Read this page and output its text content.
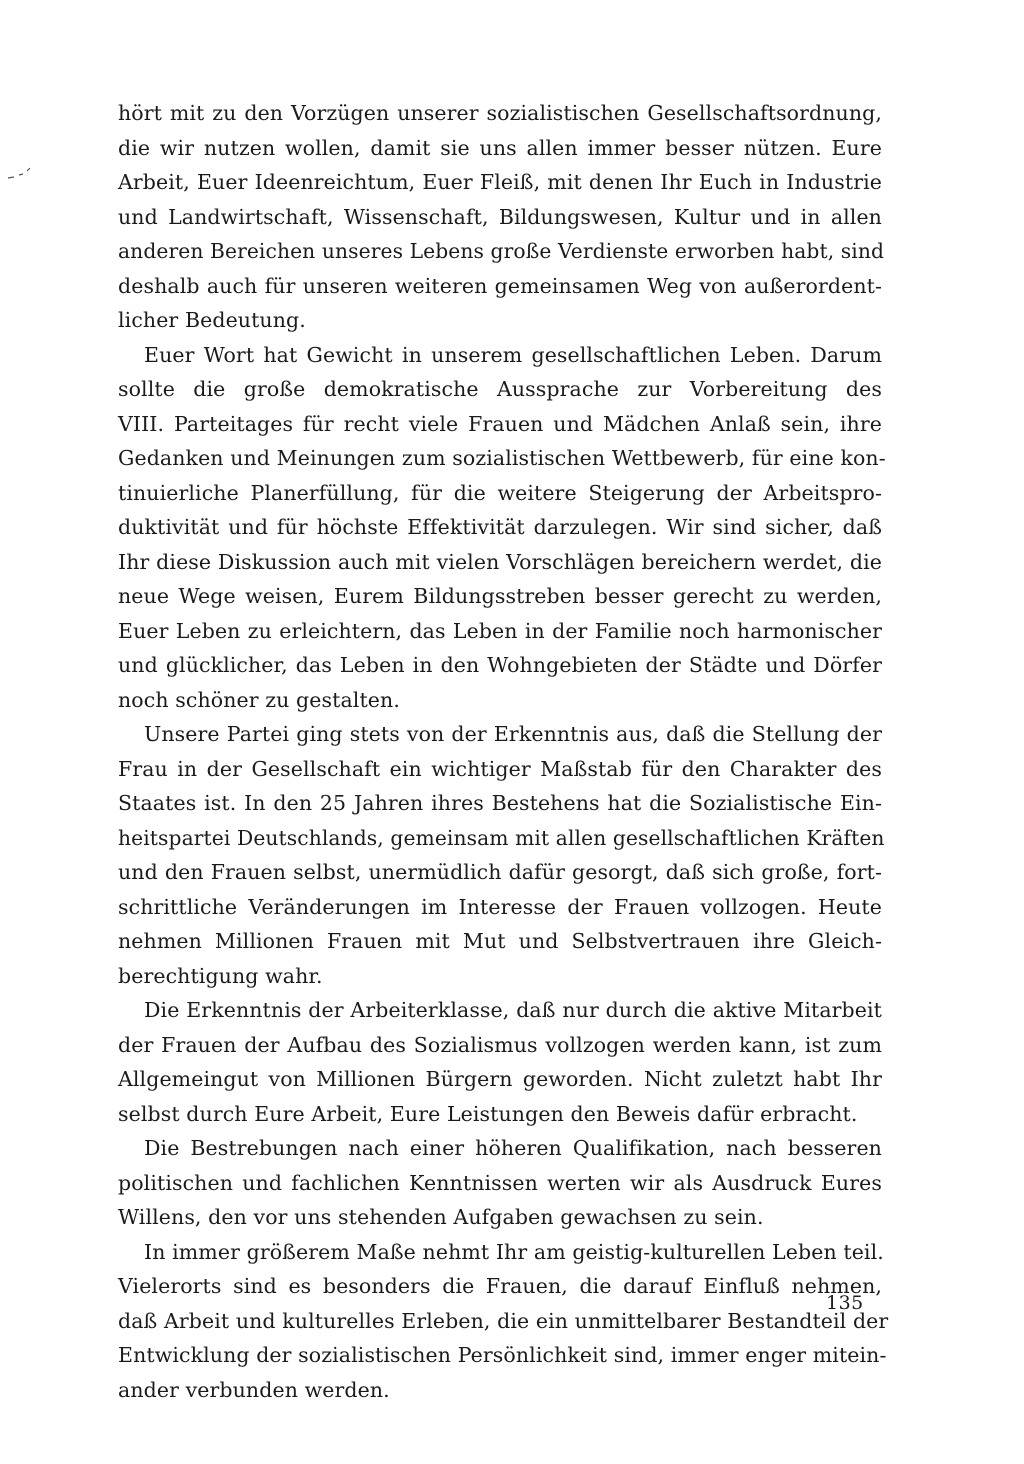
hört mit zu den Vorzügen unserer sozialistischen Gesellschaftsordnung,
die wir nutzen wollen, damit sie uns allen immer besser nützen. Eure
Arbeit, Euer Ideenreichtum, Euer Fleiß, mit denen Ihr Euch in Industrie
und Landwirtschaft, Wissenschaft, Bildungswesen, Kultur und in allen
anderen Bereichen unseres Lebens große Verdienste erworben habt, sind
deshalb auch für unseren weiteren gemeinsamen Weg von außerordent-
licher Bedeutung.
Euer Wort hat Gewicht in unserem gesellschaftlichen Leben. Darum
sollte die große demokratische Aussprache zur Vorbereitung des
VIII. Parteitages für recht viele Frauen und Mädchen Anlaß sein, ihre
Gedanken und Meinungen zum sozialistischen Wettbewerb, für eine kon-
tinuierliche Planerfüllung, für die weitere Steigerung der Arbeitspro-
duktivität und für höchste Effektivität darzulegen. Wir sind sicher, daß
Ihr diese Diskussion auch mit vielen Vorschlägen bereichern werdet, die
neue Wege weisen, Eurem Bildungsstreben besser gerecht zu werden,
Euer Leben zu erleichtern, das Leben in der Familie noch harmonischer
und glücklicher, das Leben in den Wohngebieten der Städte und Dörfer
noch schöner zu gestalten.
Unsere Partei ging stets von der Erkenntnis aus, daß die Stellung der
Frau in der Gesellschaft ein wichtiger Maßstab für den Charakter des
Staates ist. In den 25 Jahren ihres Bestehens hat die Sozialistische Ein-
heitspartei Deutschlands, gemeinsam mit allen gesellschaftlichen Kräften
und den Frauen selbst, unermüdlich dafür gesorgt, daß sich große, fort-
schrittliche Veränderungen im Interesse der Frauen vollzogen. Heute
nehmen Millionen Frauen mit Mut und Selbstvertrauen ihre Gleich-
berechtigung wahr.
Die Erkenntnis der Arbeiterklasse, daß nur durch die aktive Mitarbeit
der Frauen der Aufbau des Sozialismus vollzogen werden kann, ist zum
Allgemeingut von Millionen Bürgern geworden. Nicht zuletzt habt Ihr
selbst durch Eure Arbeit, Eure Leistungen den Beweis dafür erbracht.
Die Bestrebungen nach einer höheren Qualifikation, nach besseren
politischen und fachlichen Kenntnissen werten wir als Ausdruck Eures
Willens, den vor uns stehenden Aufgaben gewachsen zu sein.
In immer größerem Maße nehmt Ihr am geistig-kulturellen Leben teil.
Vielerorts sind es besonders die Frauen, die darauf Einfluß nehmen,
daß Arbeit und kulturelles Erleben, die ein unmittelbarer Bestandteil der
Entwicklung der sozialistischen Persönlichkeit sind, immer enger mitein-
ander verbunden werden.
135
